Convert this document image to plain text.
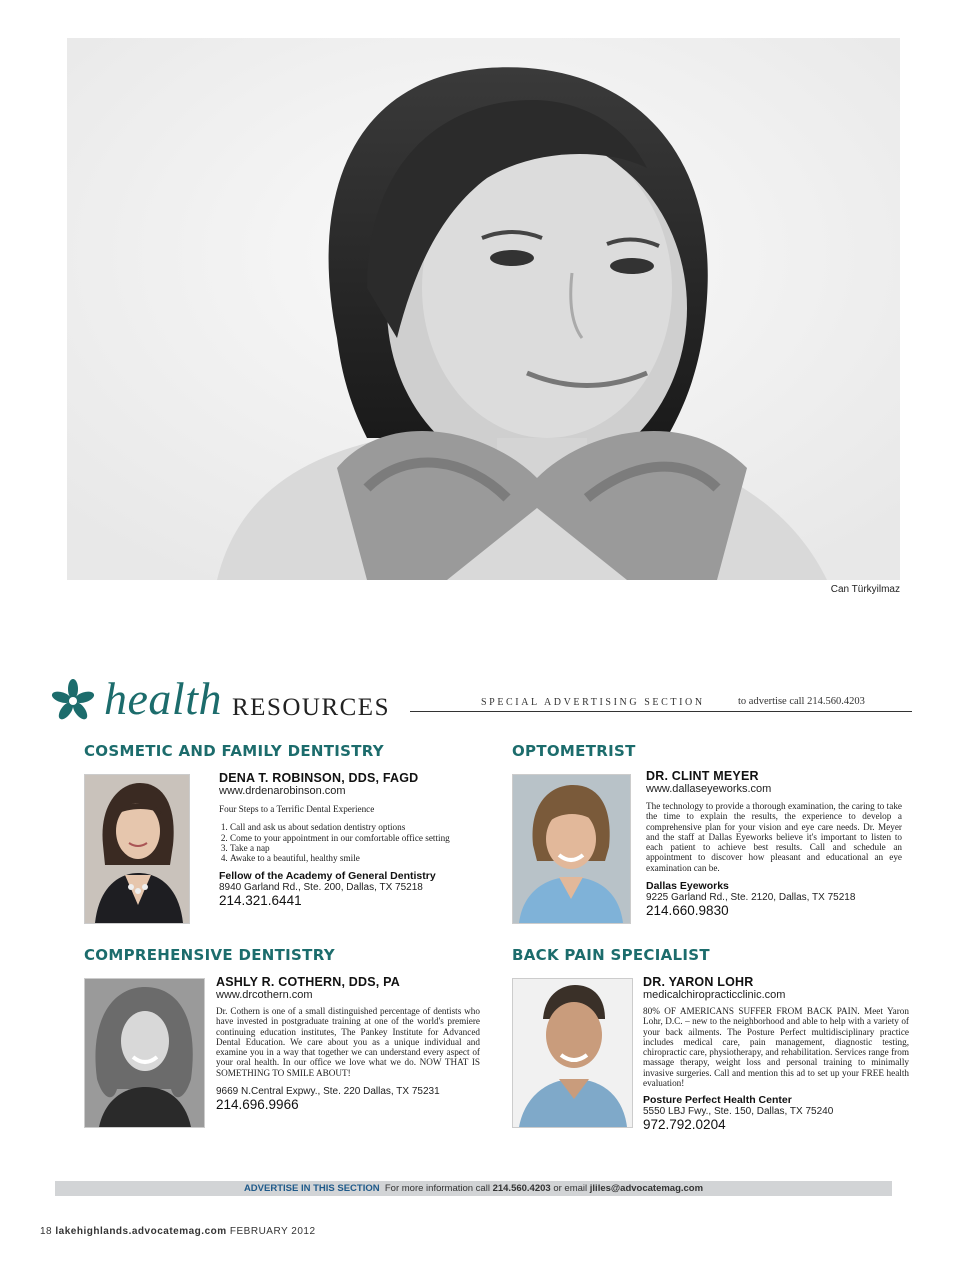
Can Türkyilmaz
health RESOURCES	SPECIAL ADVERTISING SECTION	to advertise call 214.560.4203
COSMETIC AND FAMILY DENTISTRY
DENA T. ROBINSON, DDS, FAGD
www.drdenarobinson.com
Four Steps to a Terrific Dental Experience
1. Call and ask us about sedation dentistry options
2. Come to your appointment in our comfortable office setting
3. Take a nap
4. Awake to a beautiful, healthy smile
Fellow of the Academy of General Dentistry
8940 Garland Rd., Ste. 200, Dallas, TX 75218
214.321.6441
OPTOMETRIST
DR. CLINT MEYER
www.dallaseyeworks.com
The technology to provide a thorough examination, the caring to take the time to explain the results, the experience to develop a comprehensive plan for your vision and eye care needs. Dr. Meyer and the staff at Dallas Eyeworks believe it's important to listen to each patient to achieve best results. Call and schedule an appointment to discover how pleasant and educational an eye examination can be.
Dallas Eyeworks
9225 Garland Rd., Ste. 2120, Dallas, TX 75218
214.660.9830
COMPREHENSIVE DENTISTRY
ASHLY R. COTHERN, DDS, PA
www.drcothern.com
Dr. Cothern is one of a small distinguished percentage of dentists who have invested in postgraduate training at one of the world's premiere continuing education institutes, The Pankey Institute for Advanced Dental Education. We care about you as a unique individual and examine you in a way that together we can understand every aspect of your oral health. In our office we love what we do. NOW THAT IS SOMETHING TO SMILE ABOUT!
9669 N.Central Expwy., Ste. 220 Dallas, TX 75231
214.696.9966
BACK PAIN SPECIALIST
DR. YARON LOHR
medicalchiropracticclinic.com
80% OF AMERICANS SUFFER FROM BACK PAIN. Meet Yaron Lohr, D.C. – new to the neighborhood and able to help with a variety of your back ailments. The Posture Perfect multidisciplinary practice includes medical care, pain management, diagnostic testing, chiropractic care, physiotherapy, and rehabilitation. Services range from massage therapy, weight loss and personal training to minimally invasive surgeries. Call and mention this ad to set up your FREE health evaluation!
Posture Perfect Health Center
5550 LBJ Fwy., Ste. 150, Dallas, TX 75240
972.792.0204
ADVERTISE IN THIS SECTION For more information call 214.560.4203 or email jliles@advocatemag.com
18 lakehighlands.advocatemag.com FEBRUARY 2012
